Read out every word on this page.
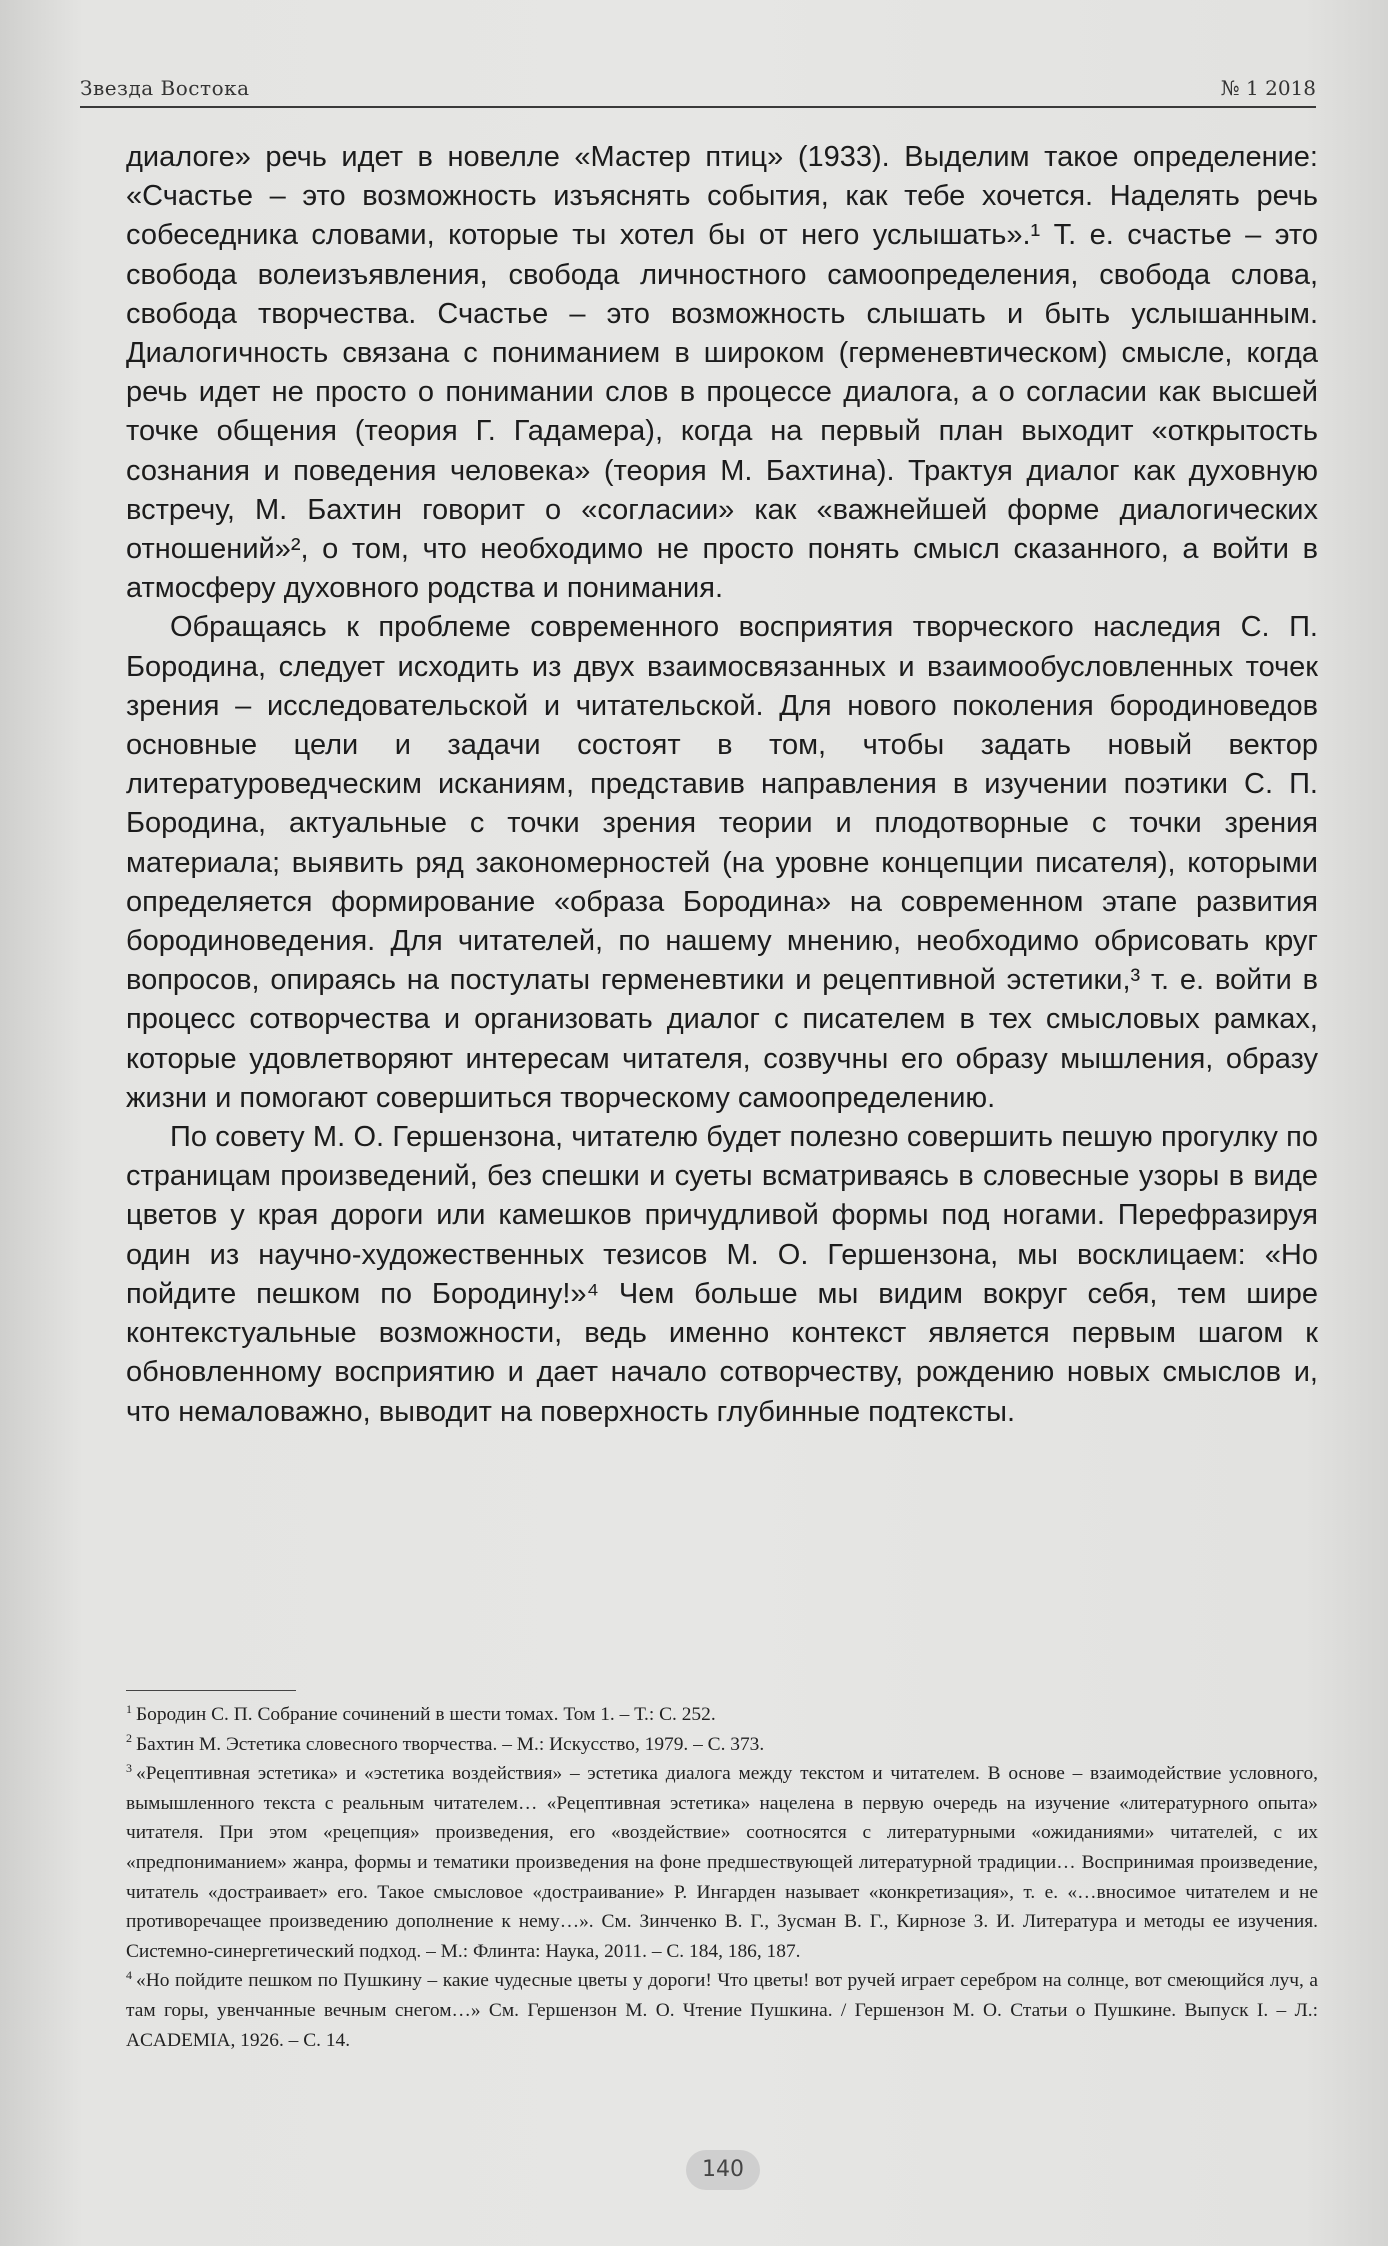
Звезда Востока	№ 1 2018

диалоге» речь идет в новелле «Мастер птиц» (1933). Выделим такое определение: «Счастье – это возможность изъяснять события, как тебе хочется. Наделять речь собеседника словами, которые ты хотел бы от него услышать».¹ Т. е. счастье – это свобода волеизъявления, свобода личностного самоопределения, свобода слова, свобода творчества. Счастье – это возможность слышать и быть услышанным. Диалогичность связана с пониманием в широком (герменевтическом) смысле, когда речь идет не просто о понимании слов в процессе диалога, а о согласии как высшей точке общения (теория Г. Гадамера), когда на первый план выходит «открытость сознания и поведения человека» (теория М. Бахтина). Трактуя диалог как духовную встречу, М. Бахтин говорит о «согласии» как «важнейшей форме диалогических отношений»², о том, что необходимо не просто понять смысл сказанного, а войти в атмосферу духовного родства и понимания.

Обращаясь к проблеме современного восприятия творческого наследия С. П. Бородина, следует исходить из двух взаимосвязанных и взаимообусловленных точек зрения – исследовательской и читательской. Для нового поколения бородиноведов основные цели и задачи состоят в том, чтобы задать новый вектор литературоведческим исканиям, представив направления в изучении поэтики С. П. Бородина, актуальные с точки зрения теории и плодотворные с точки зрения материала; выявить ряд закономерностей (на уровне концепции писателя), которыми определяется формирование «образа Бородина» на современном этапе развития бородиноведения. Для читателей, по нашему мнению, необходимо обрисовать круг вопросов, опираясь на постулаты герменевтики и рецептивной эстетики,³ т. е. войти в процесс сотворчества и организовать диалог с писателем в тех смысловых рамках, которые удовлетворяют интересам читателя, созвучны его образу мышления, образу жизни и помогают совершиться творческому самоопределению.

По совету М. О. Гершензона, читателю будет полезно совершить пешую прогулку по страницам произведений, без спешки и суеты всматриваясь в словесные узоры в виде цветов у края дороги или камешков причудливой формы под ногами. Перефразируя один из научно-художественных тезисов М. О. Гершензона, мы восклицаем: «Но пойдите пешком по Бородину!»⁴ Чем больше мы видим вокруг себя, тем шире контекстуальные возможности, ведь именно контекст является первым шагом к обновленному восприятию и дает начало сотворчеству, рождению новых смыслов и, что немаловажно, выводит на поверхность глубинные подтексты.

$^1$ Бородин С. П. Собрание сочинений в шести томах. Том 1. – Т.: С. 252.

$^2$ Бахтин М. Эстетика словесного творчества. – М.: Искусство, 1979. – С. 373.

$^3$ «Рецептивная эстетика» и «эстетика воздействия» – эстетика диалога между текстом и читателем. В основе – взаимодействие условного, вымышленного текста с реальным читателем… «Рецептивная эстетика» нацелена в первую очередь на изучение «литературного опыта» читателя. При этом «рецепция» произведения, его «воздействие» соотносятся с литературными «ожиданиями» читателей, с их «предпониманием» жанра, формы и тематики произведения на фоне предшествующей литературной традиции… Воспринимая произведение, читатель «достраивает» его. Такое смысловое «достраивание» Р. Ингарден называет «конкретизация», т. е. «…вносимое читателем и не противоречащее произведению дополнение к нему…». См. Зинченко В. Г., Зусман В. Г., Кирнозе З. И. Литература и методы ее изучения. Системно-синергетический подход. – М.: Флинта: Наука, 2011. – С. 184, 186, 187.

$^4$ «Но пойдите пешком по Пушкину – какие чудесные цветы у дороги! Что цветы! вот ручей играет серебром на солнце, вот смеющийся луч, а там горы, увенчанные вечным снегом…» См. Гершензон М. О. Чтение Пушкина. / Гершензон М. О. Статьи о Пушкине. Выпуск I. – Л.: ACADEMIA, 1926. – С. 14.

140
